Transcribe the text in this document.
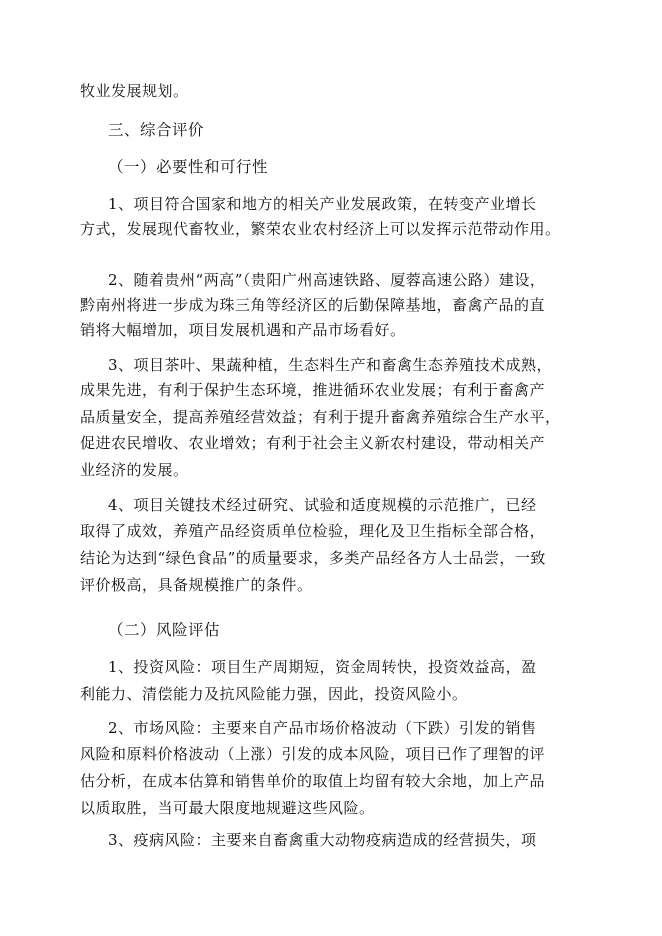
牧业发展规划。
三、综合评价
（一）必要性和可行性
1、项目符合国家和地方的相关产业发展政策，在转变产业增长
方式，发展现代畜牧业，繁荣农业农村经济上可以发挥示范带动作用。
2、随着贵州“两高”（贵阳广州高速铁路、厦蓉高速公路）建设，
黔南州将进一步成为珠三角等经济区的后勤保障基地，畜禽产品的直
销将大幅增加，项目发展机遇和产品市场看好。
3、项目茶叶、果蔬种植，生态料生产和畜禽生态养殖技术成熟，
成果先进，有利于保护生态环境，推进循环农业发展；有利于畜禽产
品质量安全，提高养殖经营效益；有利于提升畜禽养殖综合生产水平，
促进农民增收、农业增效；有利于社会主义新农村建设，带动相关产
业经济的发展。
4、项目关键技术经过研究、试验和适度规模的示范推广，已经
取得了成效，养殖产品经资质单位检验，理化及卫生指标全部合格，
结论为达到“绿色食品”的质量要求，多类产品经各方人士品尝，一致
评价极高，具备规模推广的条件。
（二）风险评估
1、投资风险：项目生产周期短，资金周转快，投资效益高，盈
利能力、清偿能力及抗风险能力强，因此，投资风险小。
2、市场风险：主要来自产品市场价格波动（下跌）引发的销售
风险和原料价格波动（上涨）引发的成本风险，项目已作了理智的评
估分析，在成本估算和销售单价的取值上均留有较大余地，加上产品
以质取胜，当可最大限度地规避这些风险。
3、疫病风险：主要来自畜禽重大动物疫病造成的经营损失，项
